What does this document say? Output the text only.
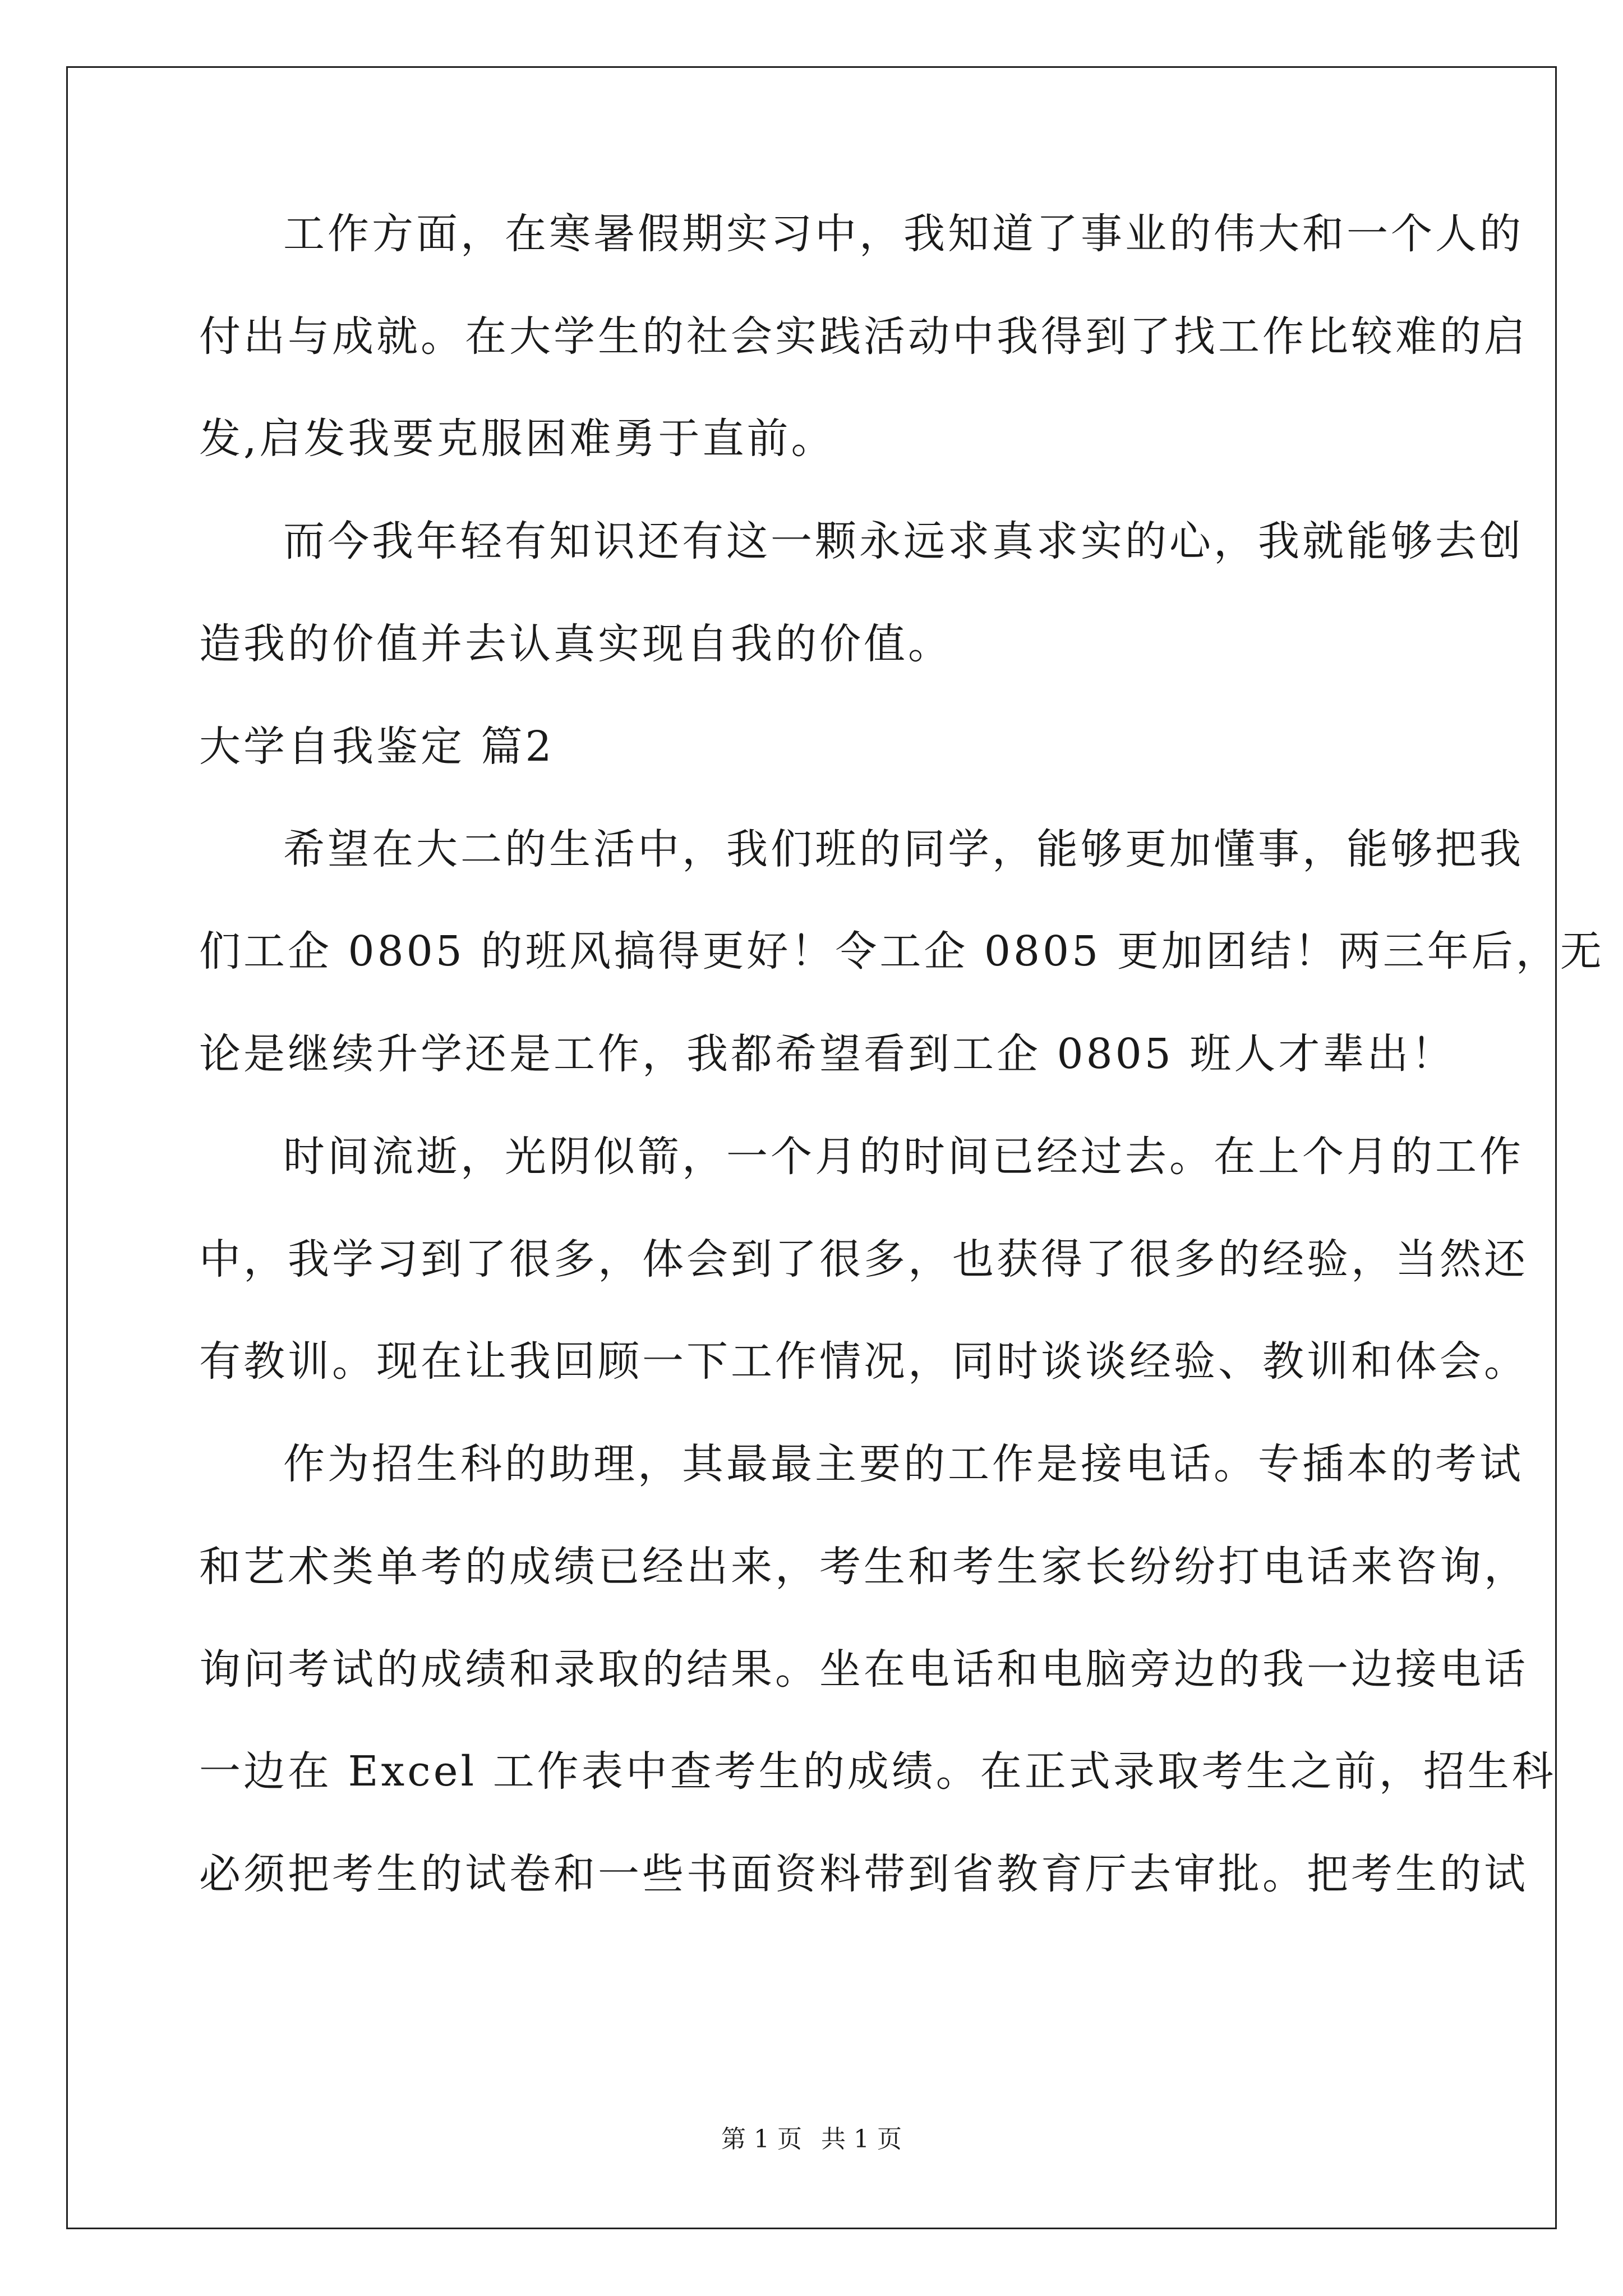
工作方面，在寒暑假期实习中，我知道了事业的伟大和一个人的
付出与成就。在大学生的社会实践活动中我得到了找工作比较难的启
发,启发我要克服困难勇于直前。
而今我年轻有知识还有这一颗永远求真求实的心，我就能够去创
造我的价值并去认真实现自我的价值。
大学自我鉴定 篇2
希望在大二的生活中，我们班的同学，能够更加懂事，能够把我
们工企 0805 的班风搞得更好！令工企 0805 更加团结！两三年后，无
论是继续升学还是工作，我都希望看到工企 0805 班人才辈出！
时间流逝，光阴似箭，一个月的时间已经过去。在上个月的工作
中，我学习到了很多，体会到了很多，也获得了很多的经验，当然还
有教训。现在让我回顾一下工作情况，同时谈谈经验、教训和体会。
作为招生科的助理，其最最主要的工作是接电话。专插本的考试
和艺术类单考的成绩已经出来，考生和考生家长纷纷打电话来咨询，
询问考试的成绩和录取的结果。坐在电话和电脑旁边的我一边接电话
一边在 Excel 工作表中查考生的成绩。在正式录取考生之前，招生科
必须把考生的试卷和一些书面资料带到省教育厅去审批。把考生的试
第 1 页 共 1 页
